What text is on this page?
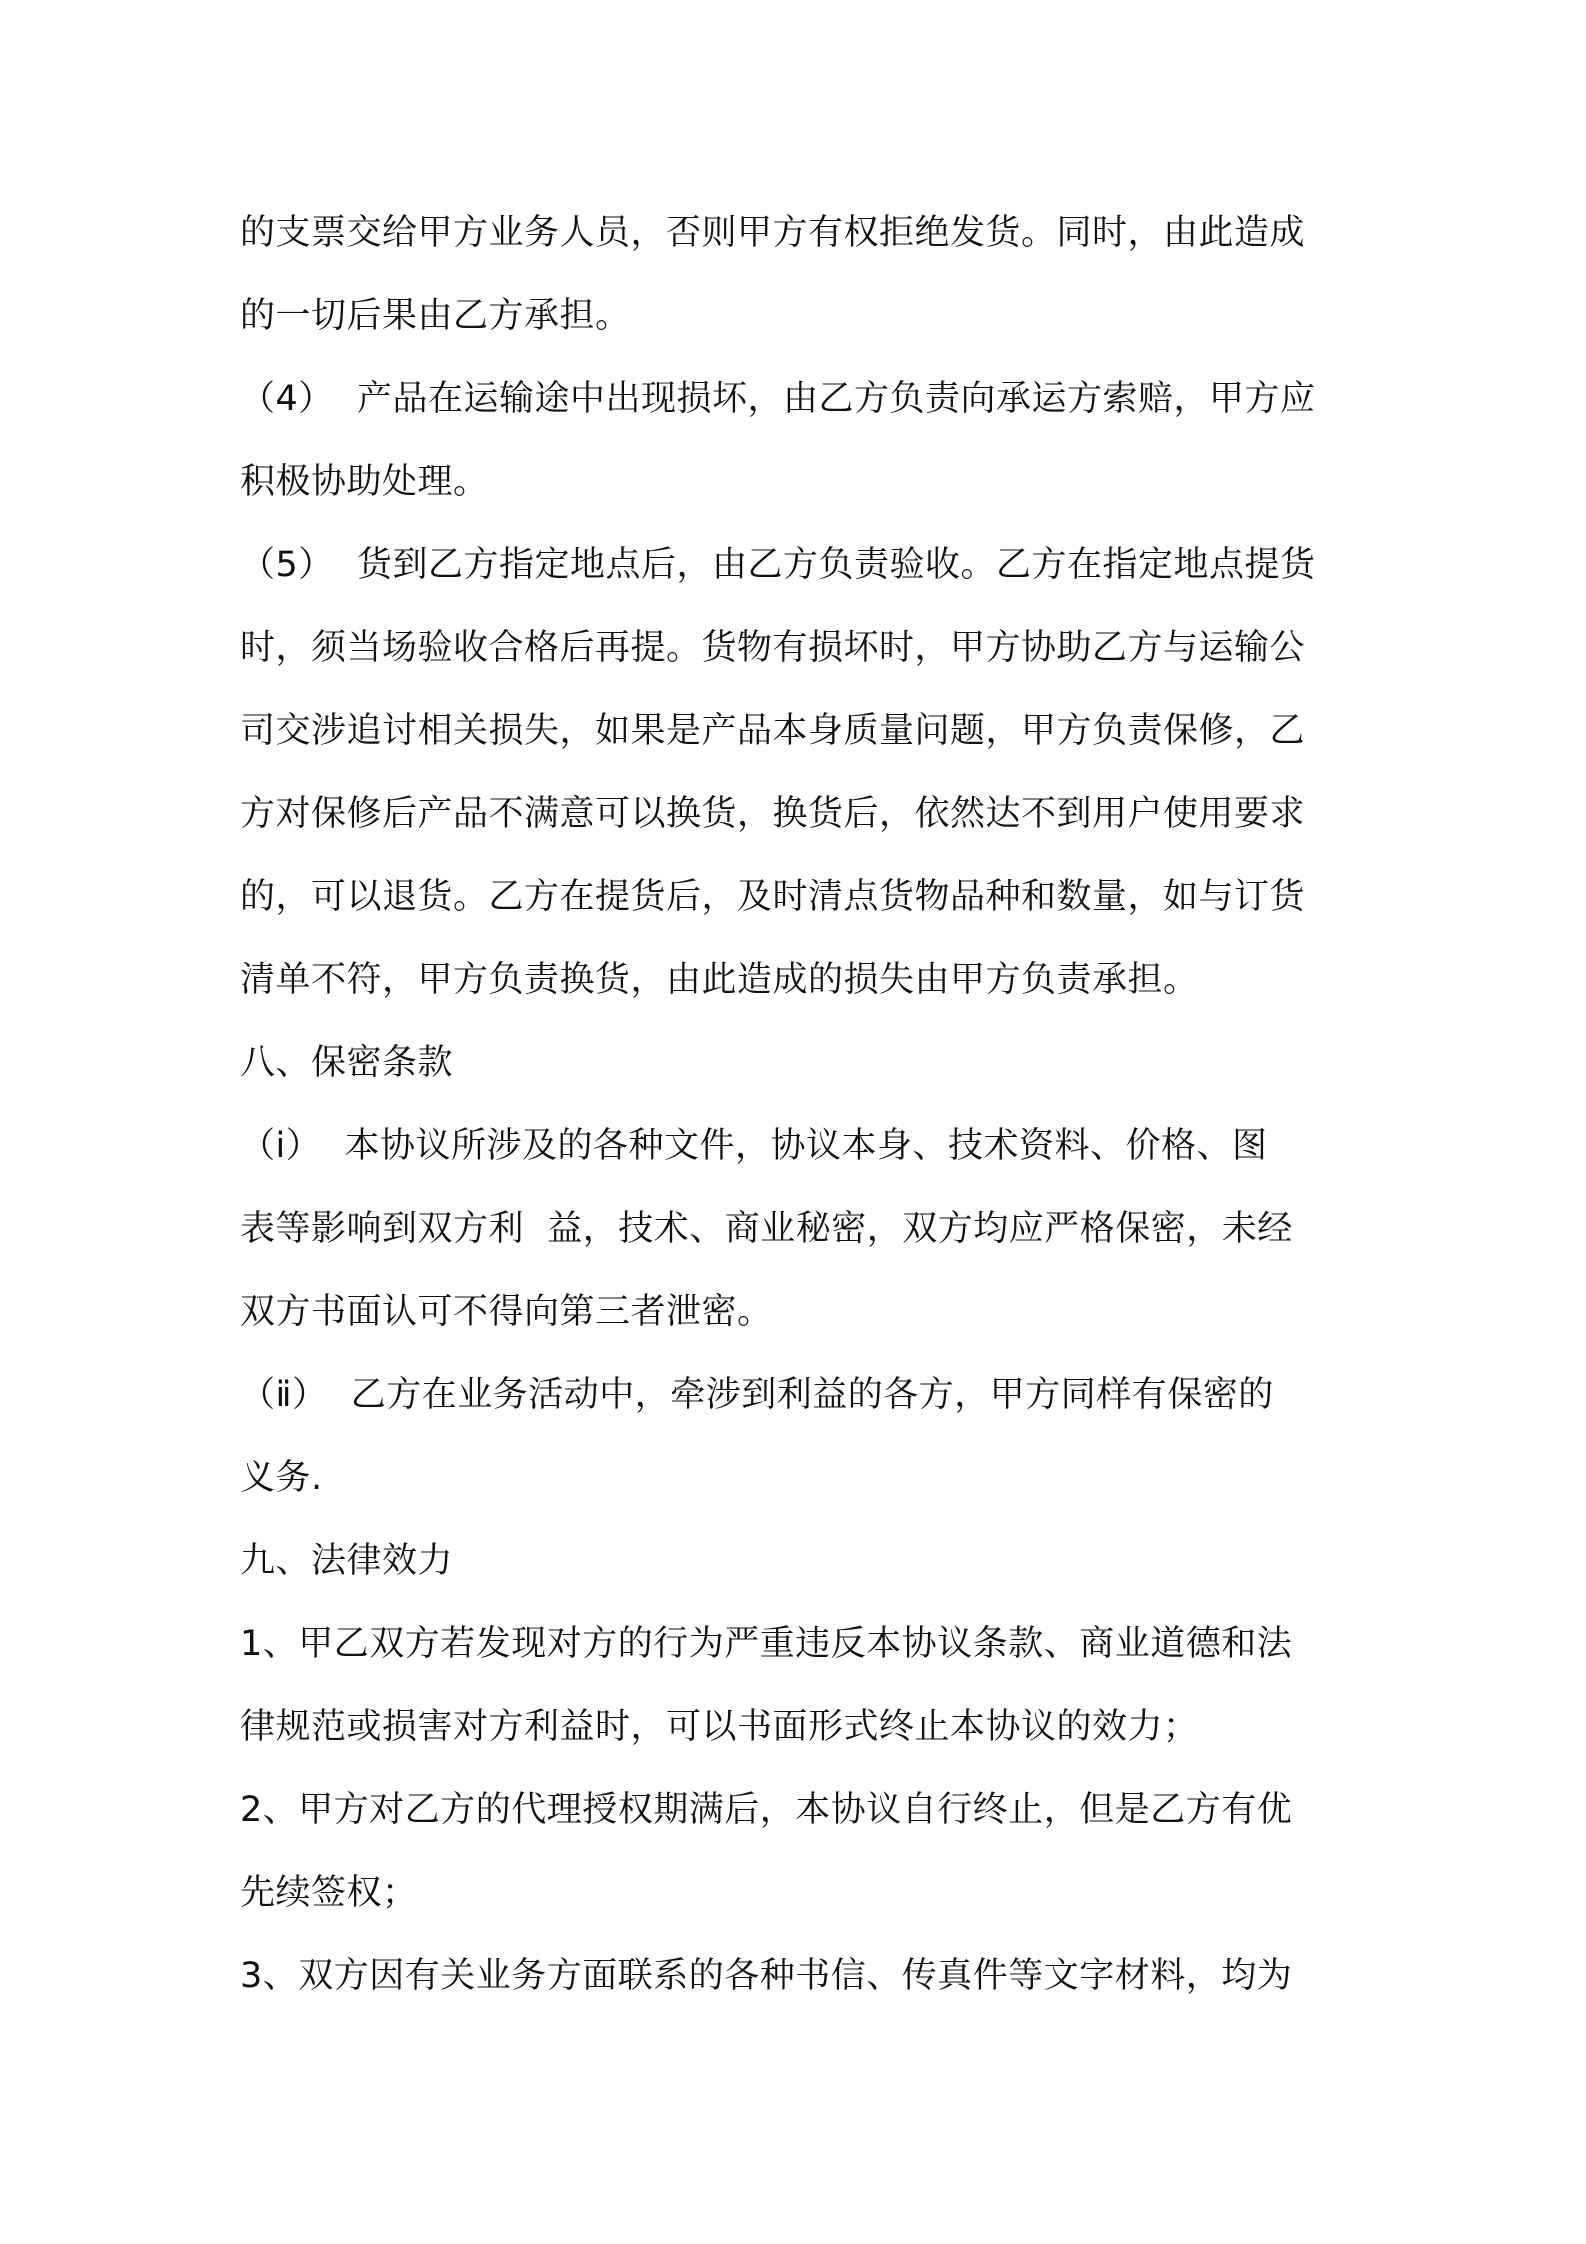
的支票交给甲方业务人员，否则甲方有权拒绝发货。同时，由此造成
的一切后果由乙方承担。
（4）  产品在运输途中出现损坏，由乙方负责向承运方索赔，甲方应
积极协助处理。
（5）  货到乙方指定地点后，由乙方负责验收。乙方在指定地点提货
时，须当场验收合格后再提。货物有损坏时，甲方协助乙方与运输公
司交涉追讨相关损失，如果是产品本身质量问题，甲方负责保修，乙
方对保修后产品不满意可以换货，换货后，依然达不到用户使用要求
的，可以退货。乙方在提货后，及时清点货物品种和数量，如与订货
清单不符，甲方负责换货，由此造成的损失由甲方负责承担。
八、保密条款
（ⅰ）  本协议所涉及的各种文件，协议本身、技术资料、价格、图
表等影响到双方利  益，技术、商业秘密，双方均应严格保密，未经
双方书面认可不得向第三者泄密。
（ⅱ）  乙方在业务活动中，牵涉到利益的各方，甲方同样有保密的
义务.
九、法律效力
1、甲乙双方若发现对方的行为严重违反本协议条款、商业道德和法
律规范或损害对方利益时，可以书面形式终止本协议的效力；
2、甲方对乙方的代理授权期满后，本协议自行终止，但是乙方有优
先续签权；
3、双方因有关业务方面联系的各种书信、传真件等文字材料，均为
